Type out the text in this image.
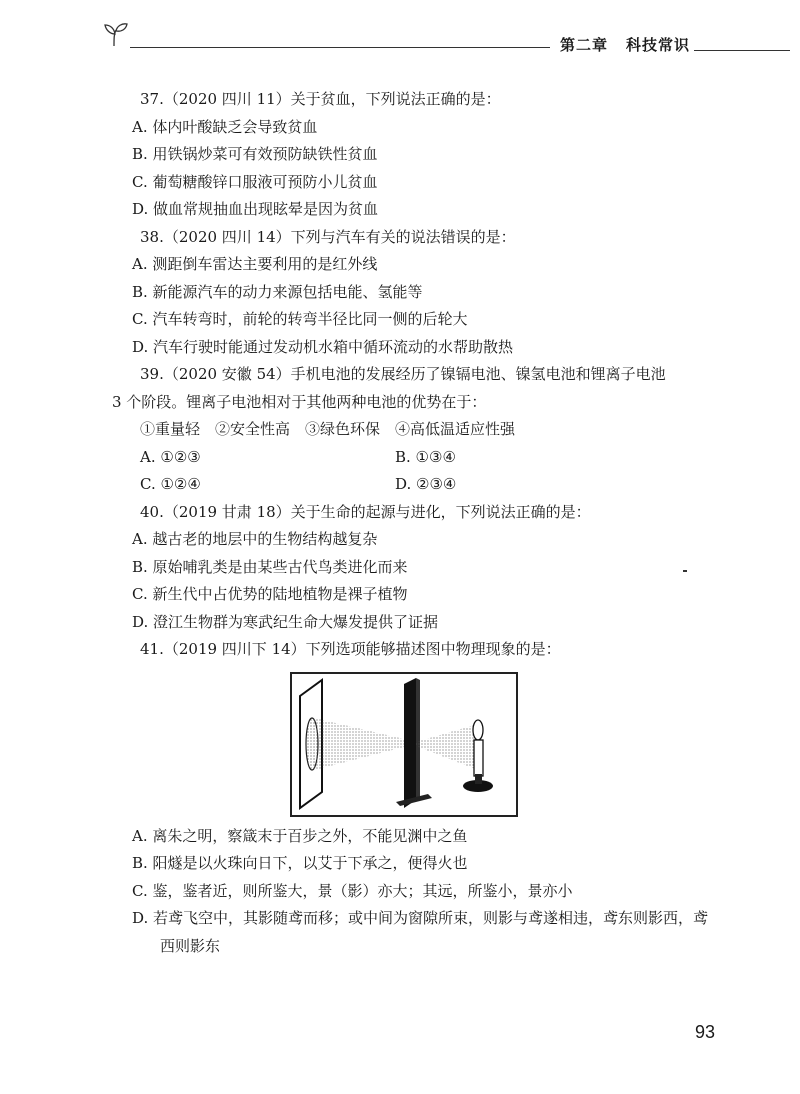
第二章 科技常识

37.（2020 四川 11）关于贫血，下列说法正确的是：

A. 体内叶酸缺乏会导致贫血

B. 用铁锅炒菜可有效预防缺铁性贫血

C. 葡萄糖酸锌口服液可预防小儿贫血

D. 做血常规抽血出现眩晕是因为贫血

38.（2020 四川 14）下列与汽车有关的说法错误的是：

A. 测距倒车雷达主要利用的是红外线

B. 新能源汽车的动力来源包括电能、氢能等

C. 汽车转弯时，前轮的转弯半径比同一侧的后轮大

D. 汽车行驶时能通过发动机水箱中循环流动的水帮助散热

39.（2020 安徽 54）手机电池的发展经历了镍镉电池、镍氢电池和锂离子电池 3 个阶段。锂离子电池相对于其他两种电池的优势在于：

①重量轻　②安全性高　③绿色环保　④高低温适应性强

A. ①②③	B. ①③④
C. ①②④	D. ②③④

40.（2019 甘肃 18）关于生命的起源与进化，下列说法正确的是：

A. 越古老的地层中的生物结构越复杂

B. 原始哺乳类是由某些古代鸟类进化而来

C. 新生代中占优势的陆地植物是裸子植物

D. 澄江生物群为寒武纪生命大爆发提供了证据

41.（2019 四川下 14）下列选项能够描述图中物理现象的是：

A. 离朱之明，察箴末于百步之外，不能见渊中之鱼

B. 阳燧是以火珠向日下，以艾于下承之，便得火也

C. 鉴，鉴者近，则所鉴大，景（影）亦大；其远，所鉴小，景亦小

D. 若鸢飞空中，其影随鸢而移；或中间为窗隙所束，则影与鸢遂相违，鸢东则影西，鸢西则影东

93
